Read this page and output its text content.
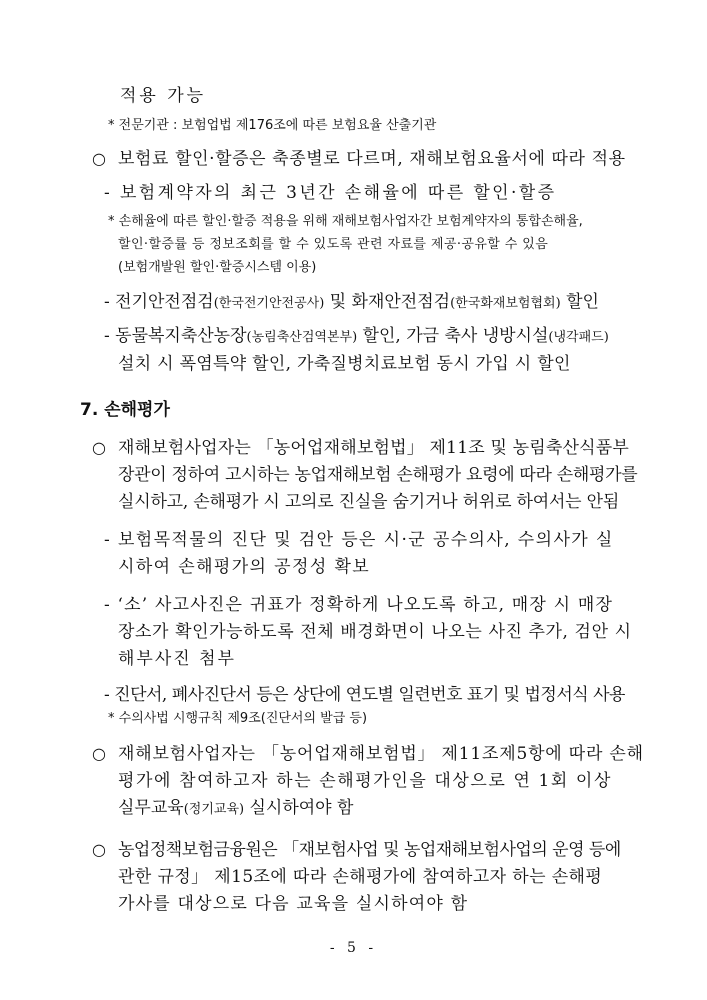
적용 가능
* 전문기관 : 보험업법 제176조에 따른 보험요율 산출기관
○ 보험료 할인·할증은 축종별로 다르며, 재해보험요율서에 따라 적용
- 보험계약자의 최근 3년간 손해율에 따른 할인·할증
* 손해율에 따른 할인·할증 적용을 위해 재해보험사업자간 보험계약자의 통합손해율,
할인·할증률 등 정보조회를 할 수 있도록 관련 자료를 제공·공유할 수 있음
(보험개발원 할인·할증시스템 이용)
- 전기안전점검(한국전기안전공사) 및 화재안전점검(한국화재보험협회) 할인
- 동물복지축산농장(농림축산검역본부) 할인, 가금 축사 냉방시설(냉각패드)
설치 시 폭염특약 할인, 가축질병치료보험 동시 가입 시 할인
7. 손해평가
○ 재해보험사업자는 「농어업재해보험법」 제11조 및 농림축산식품부
장관이 정하여 고시하는 농업재해보험 손해평가 요령에 따라 손해평가를
실시하고, 손해평가 시 고의로 진실을 숨기거나 허위로 하여서는 안됨
- 보험목적물의 진단 및 검안 등은 시·군 공수의사, 수의사가 실
시하여 손해평가의 공정성 확보
- ‘소’ 사고사진은 귀표가 정확하게 나오도록 하고, 매장 시 매장
장소가 확인가능하도록 전체 배경화면이 나오는 사진 추가, 검안 시
해부사진 첨부
- 진단서, 폐사진단서 등은 상단에 연도별 일련번호 표기 및 법정서식 사용
* 수의사법 시행규칙 제9조(진단서의 발급 등)
○ 재해보험사업자는 「농어업재해보험법」 제11조제5항에 따라 손해
평가에 참여하고자 하는 손해평가인을 대상으로 연 1회 이상
실무교육(정기교육) 실시하여야 함
○ 농업정책보험금융원은 「재보험사업 및 농업재해보험사업의 운영 등에
관한 규정」 제15조에 따라 손해평가에 참여하고자 하는 손해평
가사를 대상으로 다음 교육을 실시하여야 함
- 5 -
